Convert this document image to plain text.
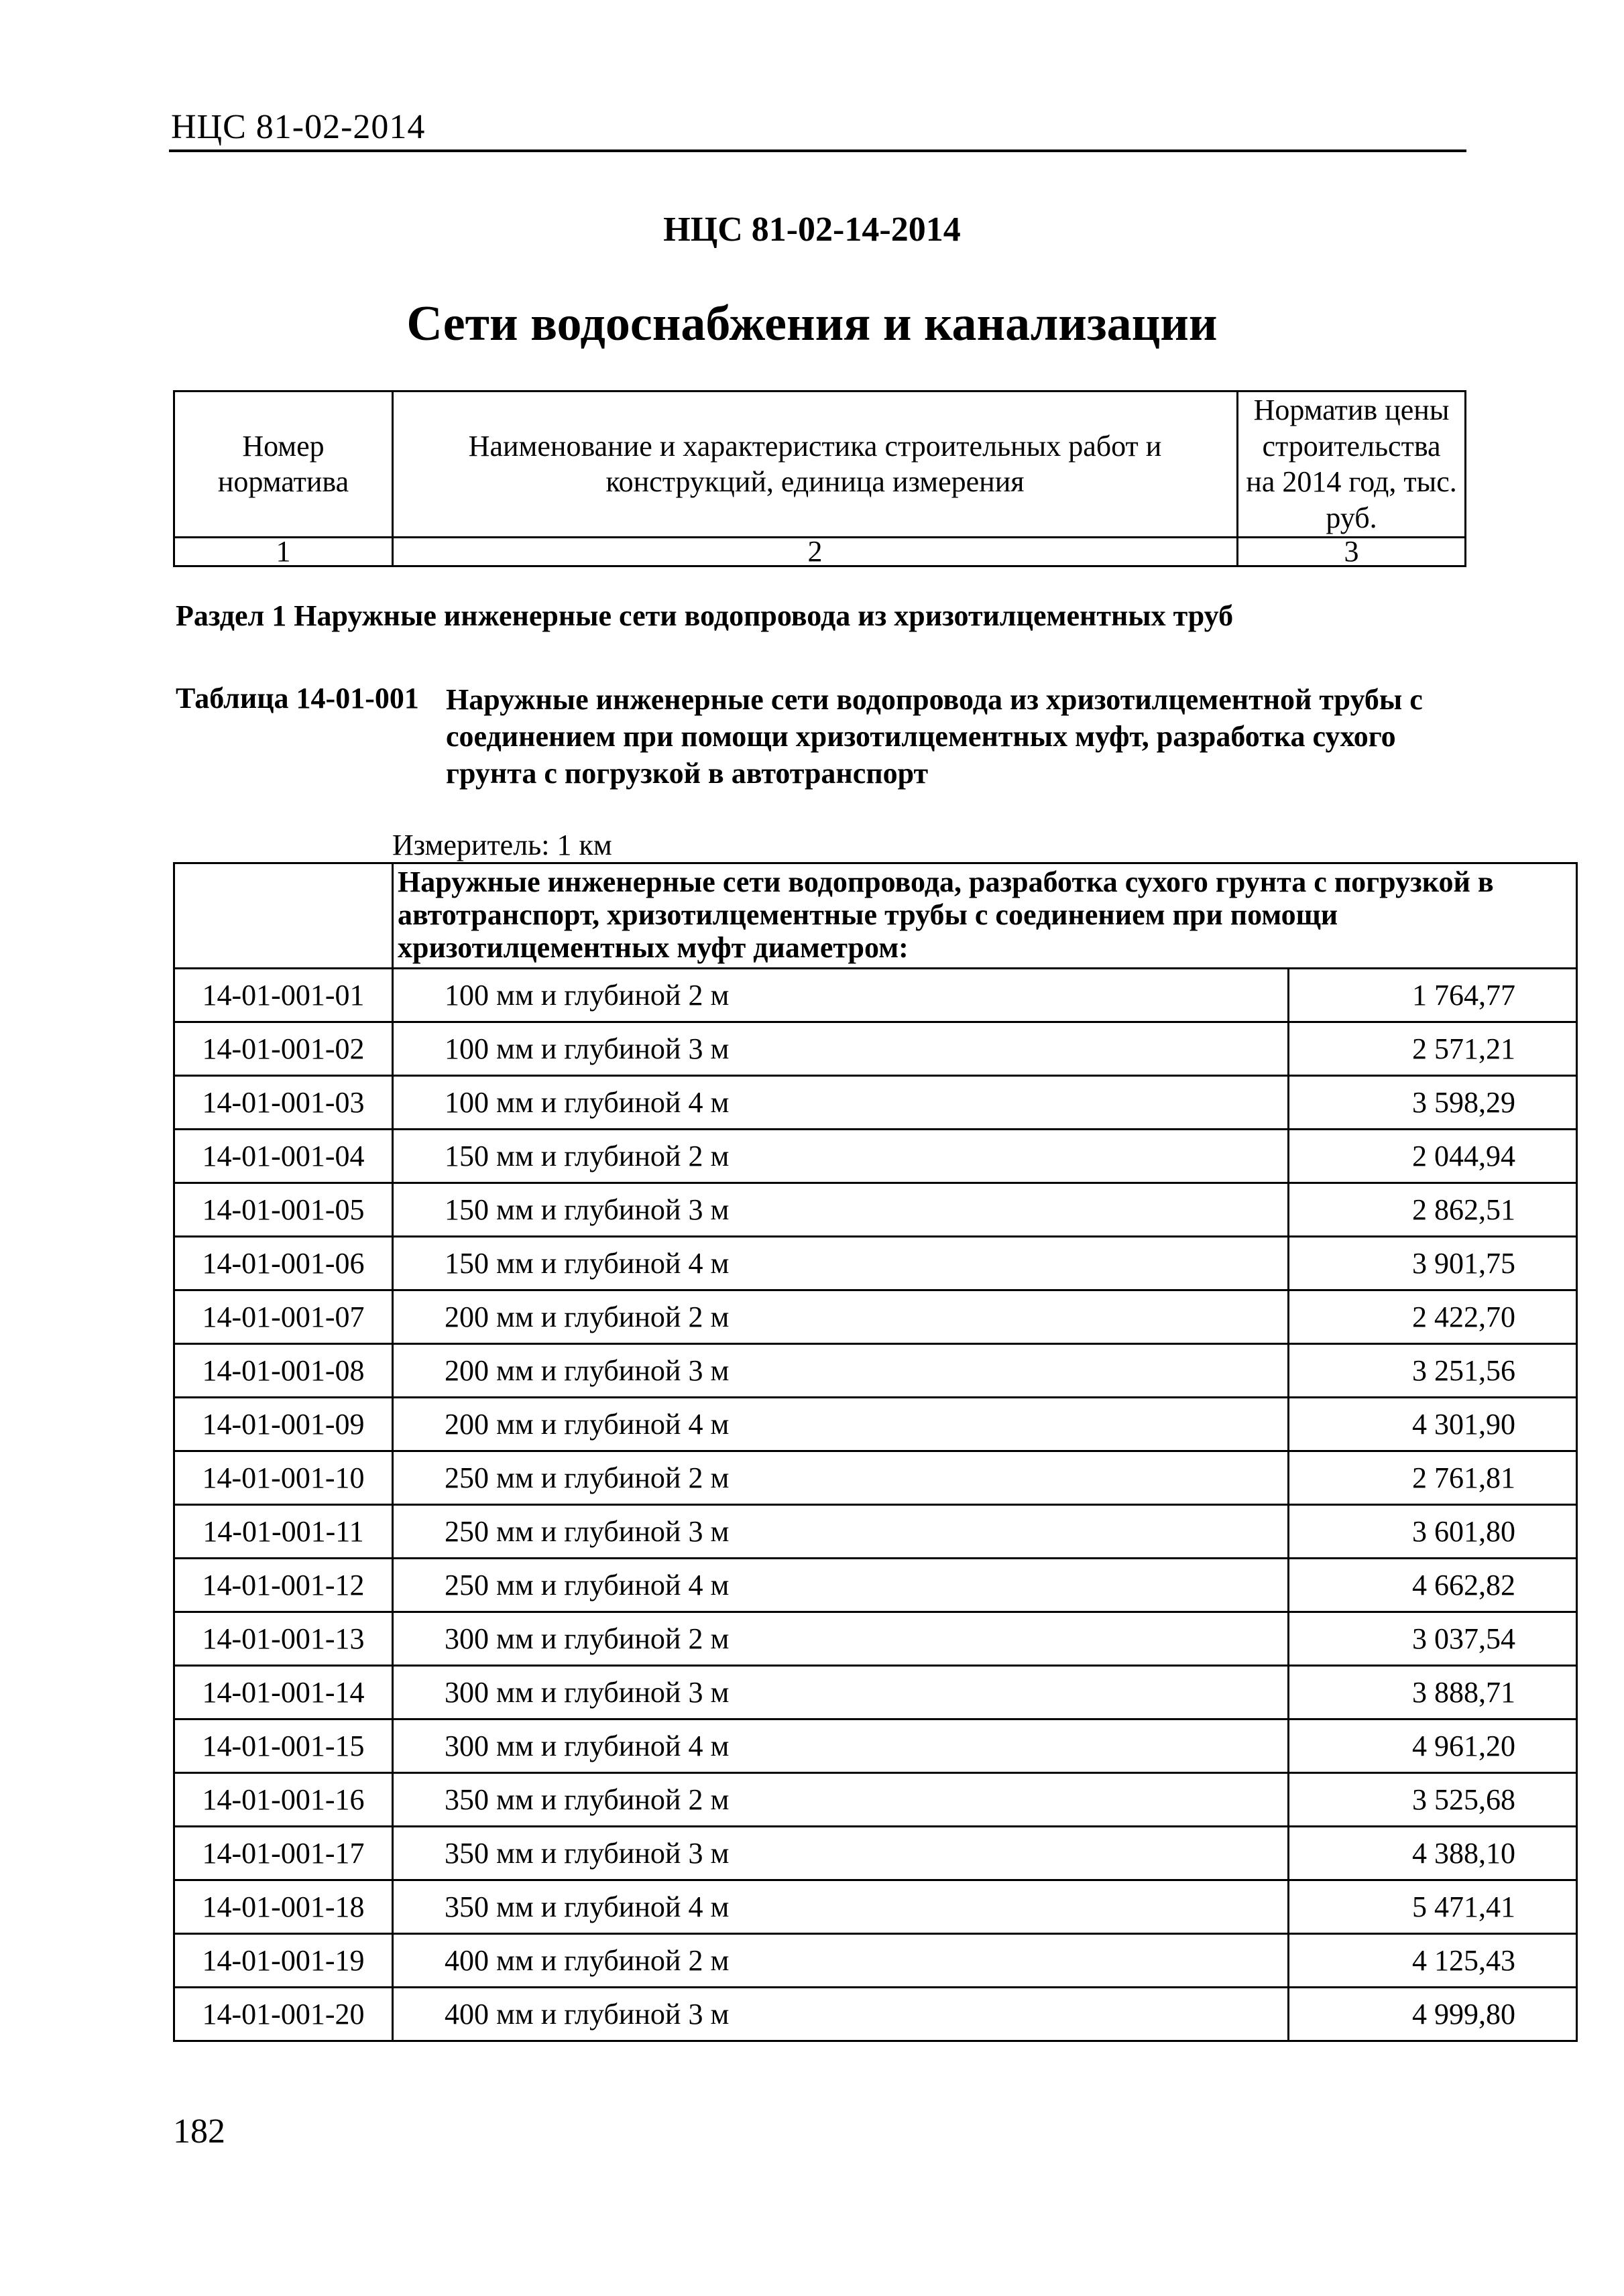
НЦС 81-02-2014
НЦС 81-02-14-2014
Сети водоснабжения и канализации
Номер норматива	Наименование и характеристика строительных работ и конструкций, единица измерения	Норматив цены строительства на 2014 год, тыс. руб.
1	2	3
Раздел 1 Наружные инженерные сети водопровода из хризотилцементных труб
Таблица 14-01-001 Наружные инженерные сети водопровода из хризотилцементной трубы с соединением при помощи хризотилцементных муфт, разработка сухого грунта с погрузкой в автотранспорт
Измеритель: 1 км
	Наружные инженерные сети водопровода, разработка сухого грунта с погрузкой в автотранспорт, хризотилцементные трубы с соединением при помощи хризотилцементных муфт диаметром:	
14-01-001-01	100 мм и глубиной 2 м	1 764,77
14-01-001-02	100 мм и глубиной 3 м	2 571,21
14-01-001-03	100 мм и глубиной 4 м	3 598,29
14-01-001-04	150 мм и глубиной 2 м	2 044,94
14-01-001-05	150 мм и глубиной 3 м	2 862,51
14-01-001-06	150 мм и глубиной 4 м	3 901,75
14-01-001-07	200 мм и глубиной 2 м	2 422,70
14-01-001-08	200 мм и глубиной 3 м	3 251,56
14-01-001-09	200 мм и глубиной 4 м	4 301,90
14-01-001-10	250 мм и глубиной 2 м	2 761,81
14-01-001-11	250 мм и глубиной 3 м	3 601,80
14-01-001-12	250 мм и глубиной 4 м	4 662,82
14-01-001-13	300 мм и глубиной 2 м	3 037,54
14-01-001-14	300 мм и глубиной 3 м	3 888,71
14-01-001-15	300 мм и глубиной 4 м	4 961,20
14-01-001-16	350 мм и глубиной 2 м	3 525,68
14-01-001-17	350 мм и глубиной 3 м	4 388,10
14-01-001-18	350 мм и глубиной 4 м	5 471,41
14-01-001-19	400 мм и глубиной 2 м	4 125,43
14-01-001-20	400 мм и глубиной 3 м	4 999,80
182
